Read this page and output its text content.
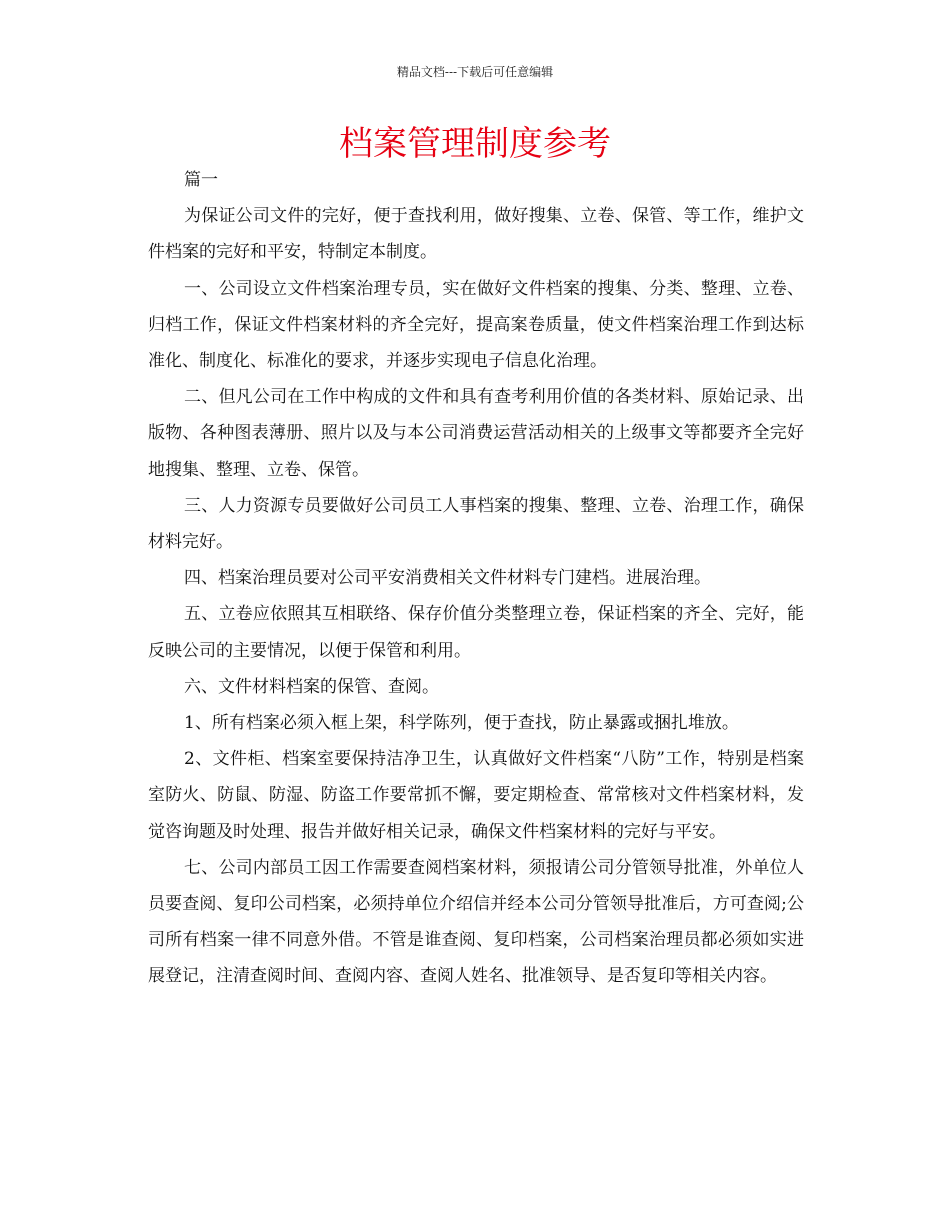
精品文档---下载后可任意编辑
档案管理制度参考

篇一

为保证公司文件的完好，便于查找利用，做好搜集、立卷、保管、等工作，维护文件档案的完好和平安，特制定本制度。

一、公司设立文件档案治理专员，实在做好文件档案的搜集、分类、整理、立卷、归档工作，保证文件档案材料的齐全完好，提高案卷质量，使文件档案治理工作到达标准化、制度化、标准化的要求，并逐步实现电子信息化治理。

二、但凡公司在工作中构成的文件和具有查考利用价值的各类材料、原始记录、出版物、各种图表薄册、照片以及与本公司消费运营活动相关的上级事文等都要齐全完好地搜集、整理、立卷、保管。

三、人力资源专员要做好公司员工人事档案的搜集、整理、立卷、治理工作，确保材料完好。

四、档案治理员要对公司平安消费相关文件材料专门建档。进展治理。

五、立卷应依照其互相联络、保存价值分类整理立卷，保证档案的齐全、完好，能反映公司的主要情况，以便于保管和利用。

六、文件材料档案的保管、查阅。

1、所有档案必须入框上架，科学陈列，便于查找，防止暴露或捆扎堆放。

2、文件柜、档案室要保持洁净卫生，认真做好文件档案“八防”工作，特别是档案室防火、防鼠、防湿、防盗工作要常抓不懈，要定期检查、常常核对文件档案材料，发觉咨询题及时处理、报告并做好相关记录，确保文件档案材料的完好与平安。

七、公司内部员工因工作需要查阅档案材料，须报请公司分管领导批准，外单位人员要查阅、复印公司档案，必须持单位介绍信并经本公司分管领导批准后，方可查阅;公司所有档案一律不同意外借。不管是谁查阅、复印档案，公司档案治理员都必须如实进展登记，注清查阅时间、查阅内容、查阅人姓名、批准领导、是否复印等相关内容。
